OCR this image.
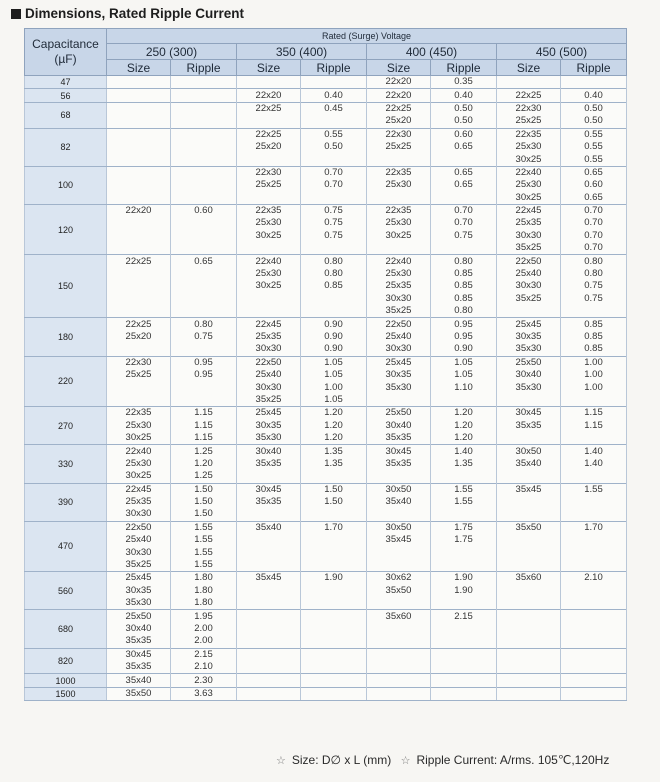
Dimensions, Rated Ripple Current
Capacitance
(µF)	Rated (Surge) Voltage							
	250 (300)		350 (400)		400 (450)		450 (500)	
	Size	Ripple	Size	Ripple	Size	Ripple	Size	Ripple
47					22x20	0.35		
56			22x20	0.40	22x20	0.40	22x25	0.40
68			22x25	0.45	22x25	0.50	22x30	0.50
					25x20	0.50	25x25	0.50
82			22x25	0.55	22x30	0.60	22x35	0.55
			25x20	0.50	25x25	0.65	25x30	0.55
							30x25	0.55
100			22x30	0.70	22x35	0.65	22x40	0.65
			25x25	0.70	25x30	0.65	25x30	0.60
							30x25	0.65
120	22x20	0.60	22x35	0.75	22x35	0.70	22x45	0.70
			25x30	0.75	25x30	0.70	25x35	0.70
			30x25	0.75	30x25	0.75	30x30	0.70
							35x25	0.70
150	22x25	0.65	22x40	0.80	22x40	0.80	22x50	0.80
			25x30	0.80	25x30	0.85	25x40	0.80
			30x25	0.85	25x35	0.85	30x30	0.75
					30x30	0.85	35x25	0.75
					35x25	0.80		
180	22x25	0.80	22x45	0.90	22x50	0.95	25x45	0.85
	25x20	0.75	25x35	0.90	25x40	0.95	30x35	0.85
			30x30	0.90	30x30	0.90	35x30	0.85
220	22x30	0.95	22x50	1.05	25x45	1.05	25x50	1.00
	25x25	0.95	25x40	1.05	30x35	1.05	30x40	1.00
			30x30	1.00	35x30	1.10	35x30	1.00
			35x25	1.05				
270	22x35	1.15	25x45	1.20	25x50	1.20	30x45	1.15
	25x30	1.15	30x35	1.20	30x40	1.20	35x35	1.15
	30x25	1.15	35x30	1.20	35x35	1.20		
330	22x40	1.25	30x40	1.35	30x45	1.40	30x50	1.40
	25x30	1.20	35x35	1.35	35x35	1.35	35x40	1.40
	30x25	1.25						
390	22x45	1.50	30x45	1.50	30x50	1.55	35x45	1.55
	25x35	1.50	35x35	1.50	35x40	1.55		
	30x30	1.50						
470	22x50	1.55	35x40	1.70	30x50	1.75	35x50	1.70
	25x40	1.55			35x45	1.75		
	30x30	1.55						
	35x25	1.55						
560	25x45	1.80	35x45	1.90	30x62	1.90	35x60	2.10
	30x35	1.80			35x50	1.90		
	35x30	1.80						
680	25x50	1.95			35x60	2.15		
	30x40	2.00						
	35x35	2.00						
820	30x45	2.15						
	35x35	2.10						
1000	35x40	2.30						
1500	35x50	3.63						
☆ Size: D∅ x L (mm) ☆ Ripple Current: A/rms. 105℃,120Hz
